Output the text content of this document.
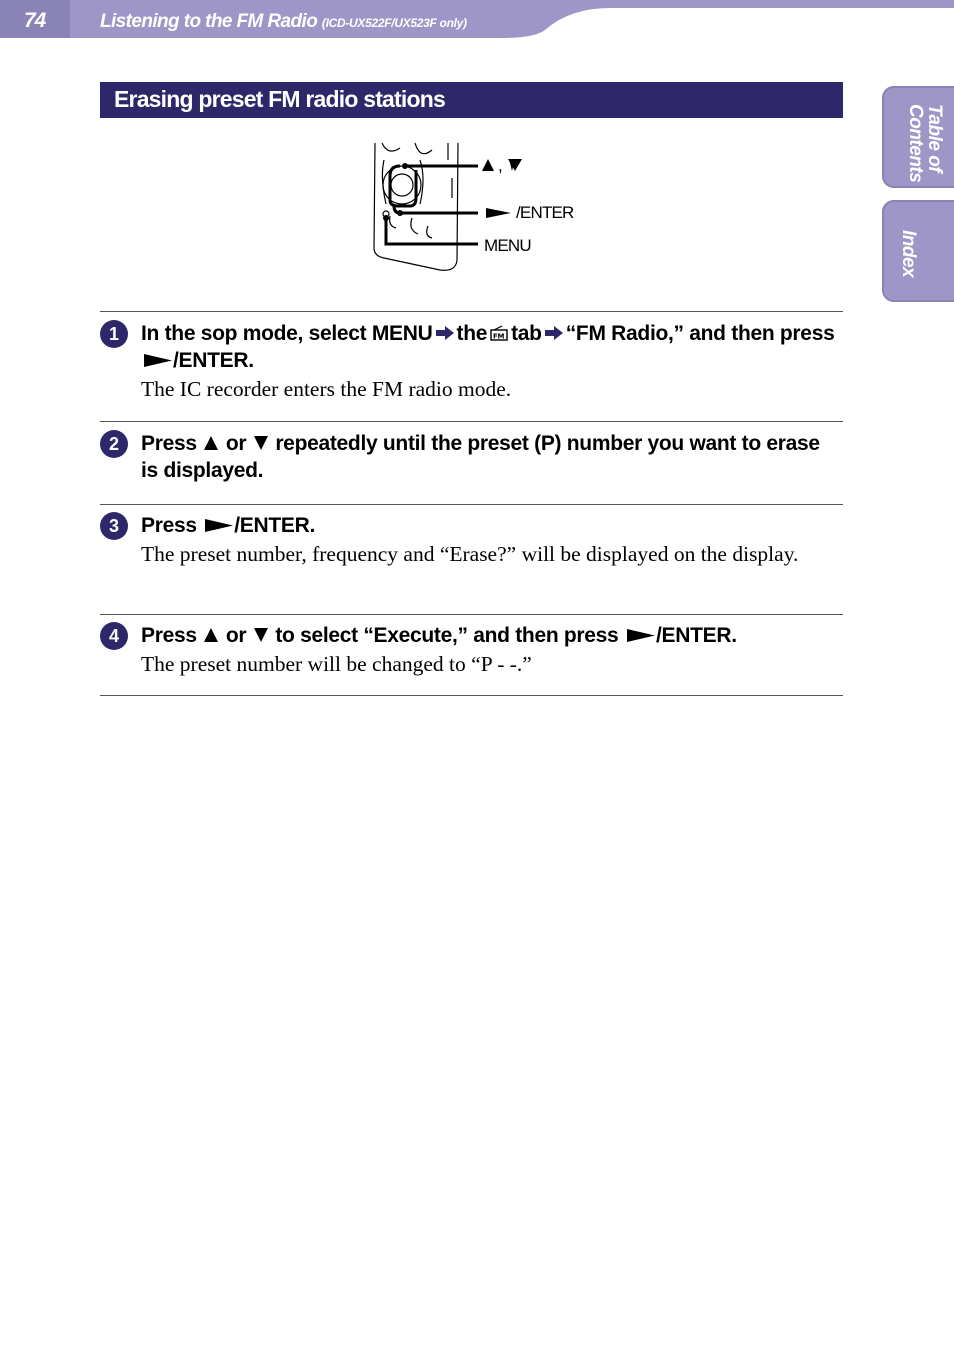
74	Listening to the FM Radio (ICD-UX522F/UX523F only)
Table of Contents
Index
Erasing preset FM radio stations
,
/ENTER
MENU
1	In the sop mode, select MENU the FM tab “FM Radio,” and then press/ENTER.
The IC recorder enters the FM radio mode.
2	Press or repeatedly until the preset (P) number you want to erase is displayed.
3	Press /ENTER.
The preset number, frequency and “Erase?” will be displayed on the display.
4	Press or to select “Execute,” and then press /ENTER.
The preset number will be changed to “P - -.”
